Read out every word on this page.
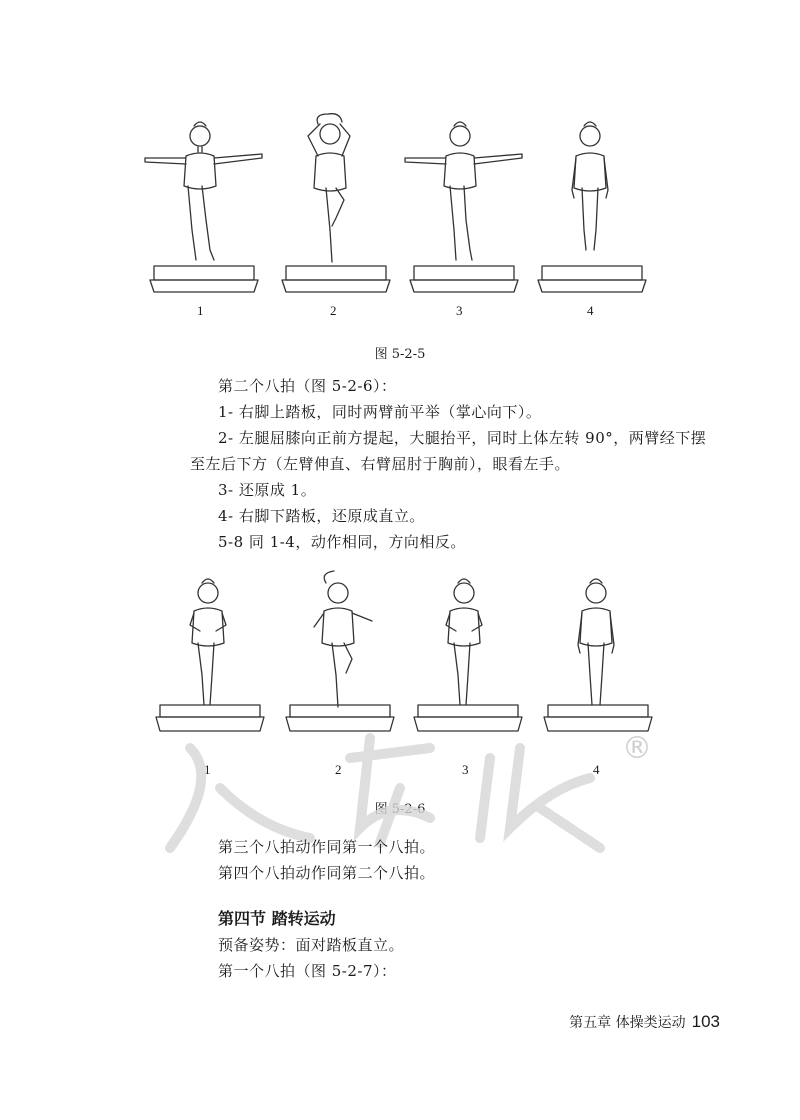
1	2	3	4
图 5-2-5
第二个八拍（图 5-2-6）：
1- 右脚上踏板，同时两臂前平举（掌心向下）。
2- 左腿屈膝向正前方提起，大腿抬平，同时上体左转 90°，两臂经下摆
至左后下方（左臂伸直、右臂屈肘于胸前），眼看左手。
3- 还原成 1。
4- 右脚下踏板，还原成直立。
5-8 同 1-4，动作相同，方向相反。
1	2	3	4
图 5-2-6
®
第三个八拍动作同第一个八拍。
第四个八拍动作同第二个八拍。
第四节 踏转运动
预备姿势：面对踏板直立。
第一个八拍（图 5-2-7）：
第五章 体操类运动 103
